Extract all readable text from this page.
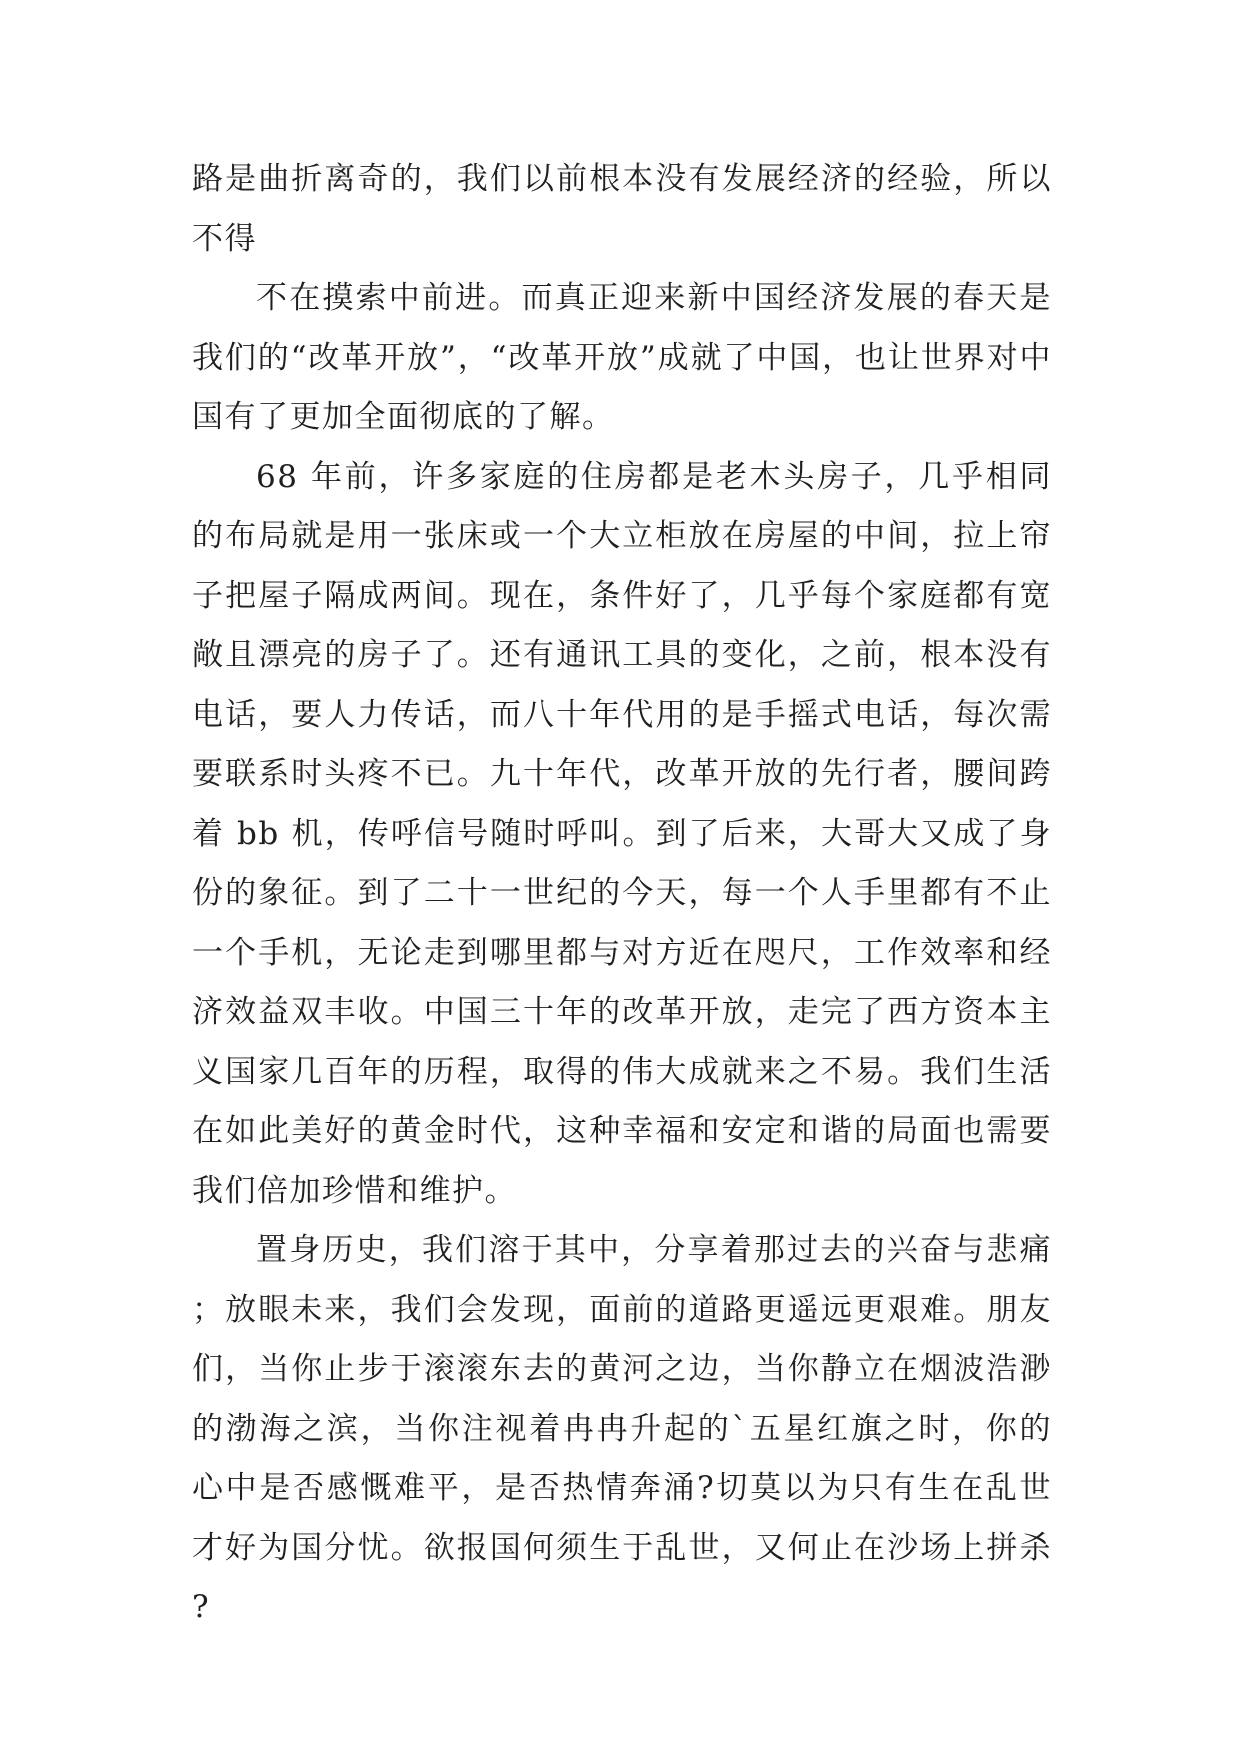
路是曲折离奇的，我们以前根本没有发展经济的经验，所以不得

不在摸索中前进。而真正迎来新中国经济发展的春天是我们的“改革开放”，“改革开放”成就了中国，也让世界对中国有了更加全面彻底的了解。

68 年前，许多家庭的住房都是老木头房子，几乎相同的布局就是用一张床或一个大立柜放在房屋的中间，拉上帘子把屋子隔成两间。现在，条件好了，几乎每个家庭都有宽敞且漂亮的房子了。还有通讯工具的变化，之前，根本没有电话，要人力传话，而八十年代用的是手摇式电话，每次需要联系时头疼不已。九十年代，改革开放的先行者，腰间跨着 bb 机，传呼信号随时呼叫。到了后来，大哥大又成了身份的象征。到了二十一世纪的今天，每一个人手里都有不止一个手机，无论走到哪里都与对方近在咫尺，工作效率和经济效益双丰收。中国三十年的改革开放，走完了西方资本主义国家几百年的历程，取得的伟大成就来之不易。我们生活在如此美好的黄金时代，这种幸福和安定和谐的局面也需要我们倍加珍惜和维护。

置身历史，我们溶于其中，分享着那过去的兴奋与悲痛；放眼未来，我们会发现，面前的道路更遥远更艰难。朋友们，当你止步于滚滚东去的黄河之边，当你静立在烟波浩渺的渤海之滨，当你注视着冉冉升起的`五星红旗之时，你的心中是否感慨难平，是否热情奔涌?切莫以为只有生在乱世才好为国分忧。欲报国何须生于乱世，又何止在沙场上拼杀?
